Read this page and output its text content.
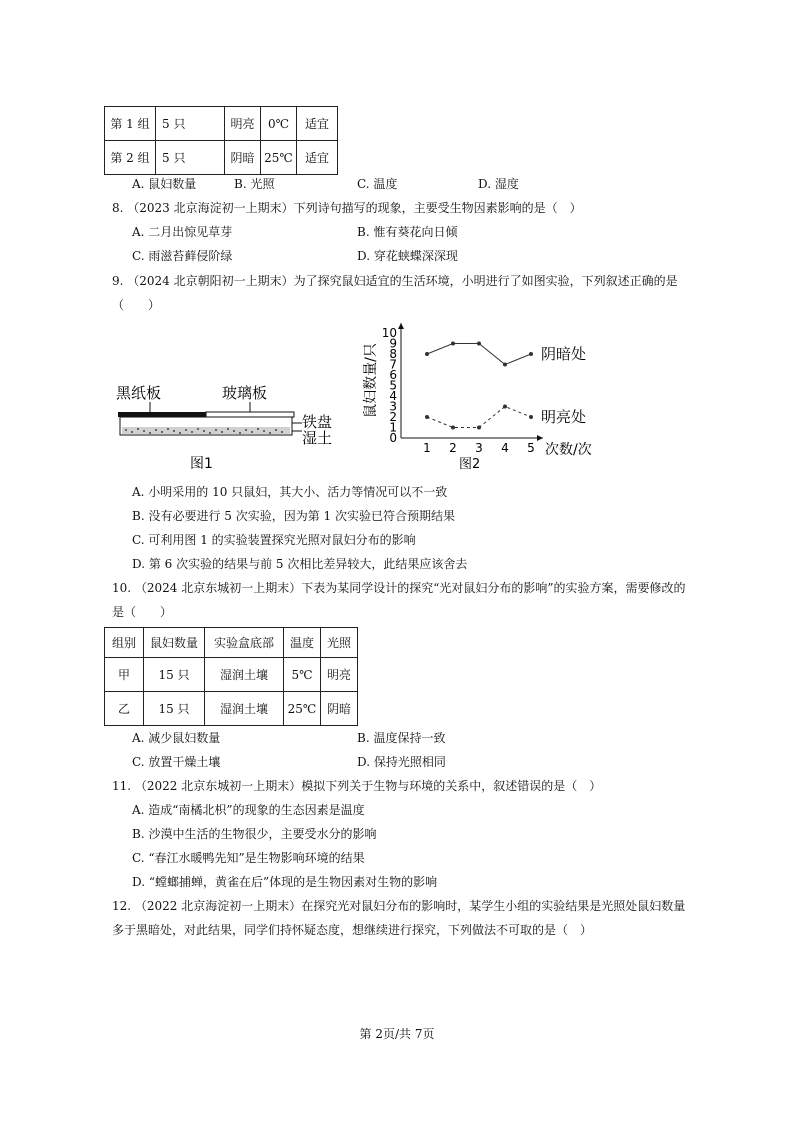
第 1 组	5 只	明亮	0℃	适宜
第 2 组	5 只	阴暗	25℃	适宜
A. 鼠妇数量	B. 光照	C. 温度	D. 湿度
8. （2023 北京海淀初一上期末）下列诗句描写的现象，主要受生物因素影响的是（　）
A. 二月出惊见草芽	B. 惟有葵花向日倾
C. 雨滋苔藓侵阶绿	D. 穿花蛱蝶深深现
9. （2024 北京朝阳初一上期末）为了探究鼠妇适宜的生活环境，小明进行了如图实验，下列叙述正确的是
（　　）
黑纸板	玻璃板
铁盘
湿土
图1
0
1
2
3
4
5
6
7
8
9
10
1 2 3 4 5
鼠妇数量/只
次数/次
图2
阴暗处
明亮处
A. 小明采用的 10 只鼠妇，其大小、活力等情况可以不一致
B. 没有必要进行 5 次实验，因为第 1 次实验已符合预期结果
C. 可利用图 1 的实验装置探究光照对鼠妇分布的影响
D. 第 6 次实验的结果与前 5 次相比差异较大，此结果应该舍去
10. （2024 北京东城初一上期末）下表为某同学设计的探究“光对鼠妇分布的影响”的实验方案，需要修改的
是（　　）
组别	鼠妇数量	实验盒底部	温度	光照
甲	15 只	湿润土壤	5℃	明亮
乙	15 只	湿润土壤	25℃	阴暗
A. 减少鼠妇数量	B. 温度保持一致
C. 放置干燥土壤	D. 保持光照相同
11. （2022 北京东城初一上期末）模拟下列关于生物与环境的关系中，叙述错误的是（　）
A. 造成“南橘北枳”的现象的生态因素是温度
B. 沙漠中生活的生物很少，主要受水分的影响
C. “春江水暖鸭先知”是生物影响环境的结果
D. “螳螂捕蝉，黄雀在后”体现的是生物因素对生物的影响
12. （2022 北京海淀初一上期末）在探究光对鼠妇分布的影响时，某学生小组的实验结果是光照处鼠妇数量
多于黑暗处，对此结果，同学们持怀疑态度，想继续进行探究，下列做法不可取的是（　）
第 2页/共 7页
